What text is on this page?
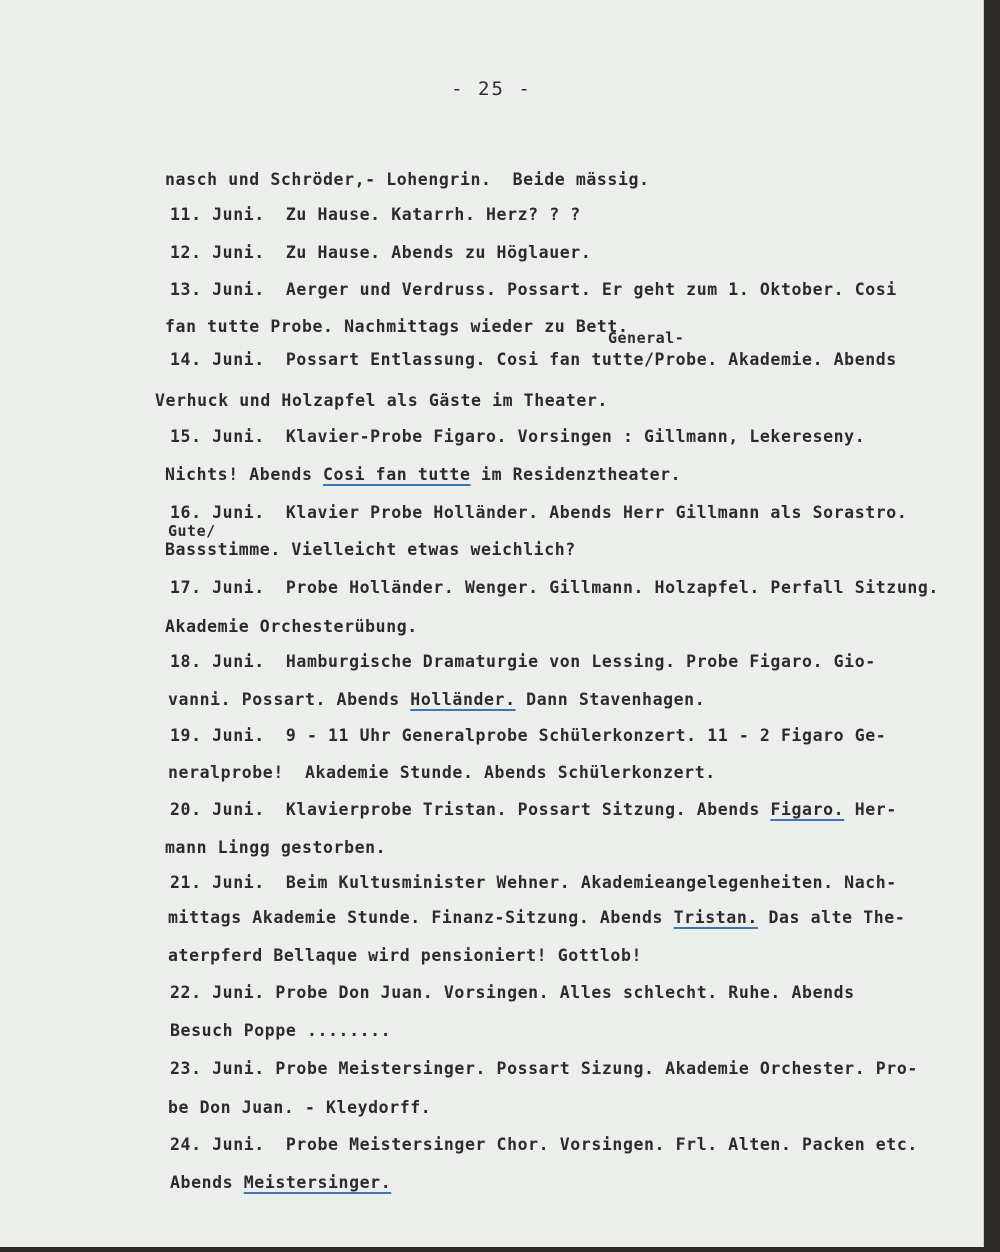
- 25 -
General-
Gute/
nasch und Schröder,- Lohengrin.  Beide mässig.
11. Juni.  Zu Hause. Katarrh. Herz? ? ?
12. Juni.  Zu Hause. Abends zu Höglauer.
13. Juni.  Aerger und Verdruss. Possart. Er geht zum 1. Oktober. Cosi
fan tutte Probe. Nachmittags wieder zu Bett.
14. Juni.  Possart Entlassung. Cosi fan tutte/Probe. Akademie. Abends
Verhuck und Holzapfel als Gäste im Theater.
15. Juni.  Klavier-Probe Figaro. Vorsingen : Gillmann, Lekereseny.
Nichts! Abends Cosi fan tutte im Residenztheater.
16. Juni.  Klavier Probe Holländer. Abends Herr Gillmann als Sorastro.
Bassstimme. Vielleicht etwas weichlich?
17. Juni.  Probe Holländer. Wenger. Gillmann. Holzapfel. Perfall Sitzung.
Akademie Orchesterübung.
18. Juni.  Hamburgische Dramaturgie von Lessing. Probe Figaro. Gio-
vanni. Possart. Abends Holländer. Dann Stavenhagen.
19. Juni.  9 - 11 Uhr Generalprobe Schülerkonzert. 11 - 2 Figaro Ge-
neralprobe!  Akademie Stunde. Abends Schülerkonzert.
20. Juni.  Klavierprobe Tristan. Possart Sitzung. Abends Figaro. Her-
mann Lingg gestorben.
21. Juni.  Beim Kultusminister Wehner. Akademieangelegenheiten. Nach-
mittags Akademie Stunde. Finanz-Sitzung. Abends Tristan. Das alte The-
aterpferd Bellaque wird pensioniert! Gottlob!
22. Juni. Probe Don Juan. Vorsingen. Alles schlecht. Ruhe. Abends
Besuch Poppe ........
23. Juni. Probe Meistersinger. Possart Sizung. Akademie Orchester. Pro-
be Don Juan. - Kleydorff.
24. Juni.  Probe Meistersinger Chor. Vorsingen. Frl. Alten. Packen etc.
Abends Meistersinger.
